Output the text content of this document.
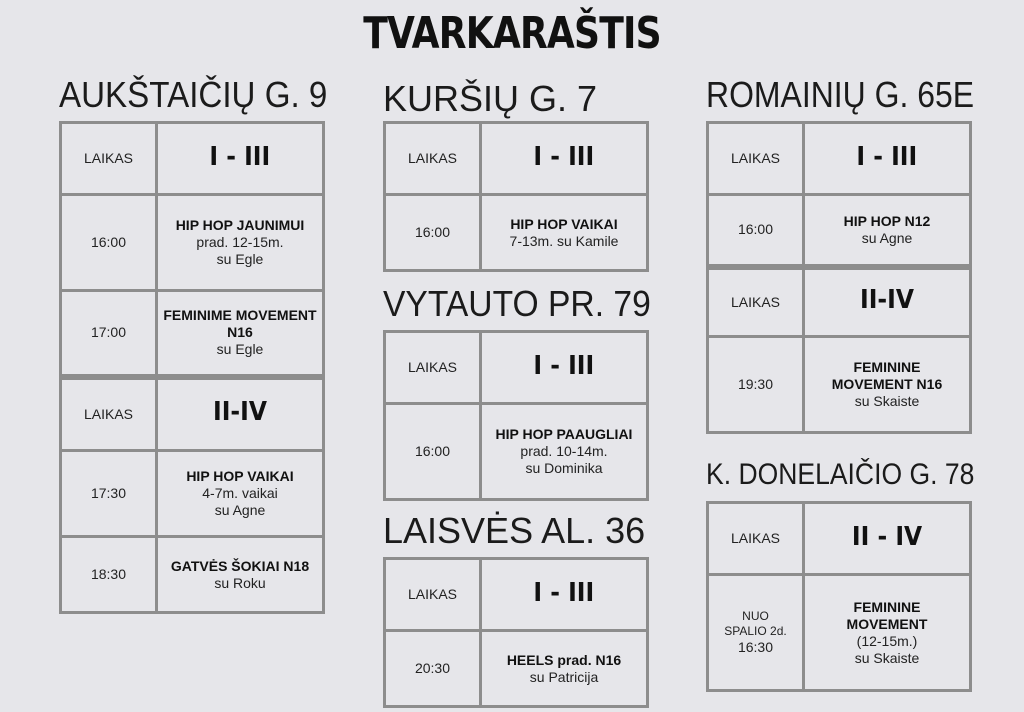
TVARKARAŠTIS
AUKŠTAIČIŲ G. 9
LAIKAS	I - III
16:00	HIP HOP JAUNIMUI
prad. 12-15m.
su Egle

17:00	FEMINIME MOVEMENT N16
su Egle

LAIKAS	II-IV
17:30	HIP HOP VAIKAI
4-7m. vaikai
su Agne

18:30	GATVĖS ŠOKIAI N18
su Roku
KURŠIŲ G. 7
LAIKAS	I - III
16:00	HIP HOP VAIKAI
7-13m. su Kamile
VYTAUTO PR. 79
LAIKAS	I - III
16:00	HIP HOP PAAUGLIAI
prad. 10-14m.
su Dominika
LAISVĖS AL. 36
LAIKAS	I - III
20:30	HEELS prad. N16
su Patricija
ROMAINIŲ G. 65E
LAIKAS	I - III
16:00	HIP HOP N12
su Agne

LAIKAS	II-IV
19:30	FEMININE
MOVEMENT N16
su Skaiste
K. DONELAIČIO G. 78
LAIKAS	II - IV

NUO
SPALIO 2d.
16:30	FEMININE
MOVEMENT
(12-15m.)
su Skaiste
